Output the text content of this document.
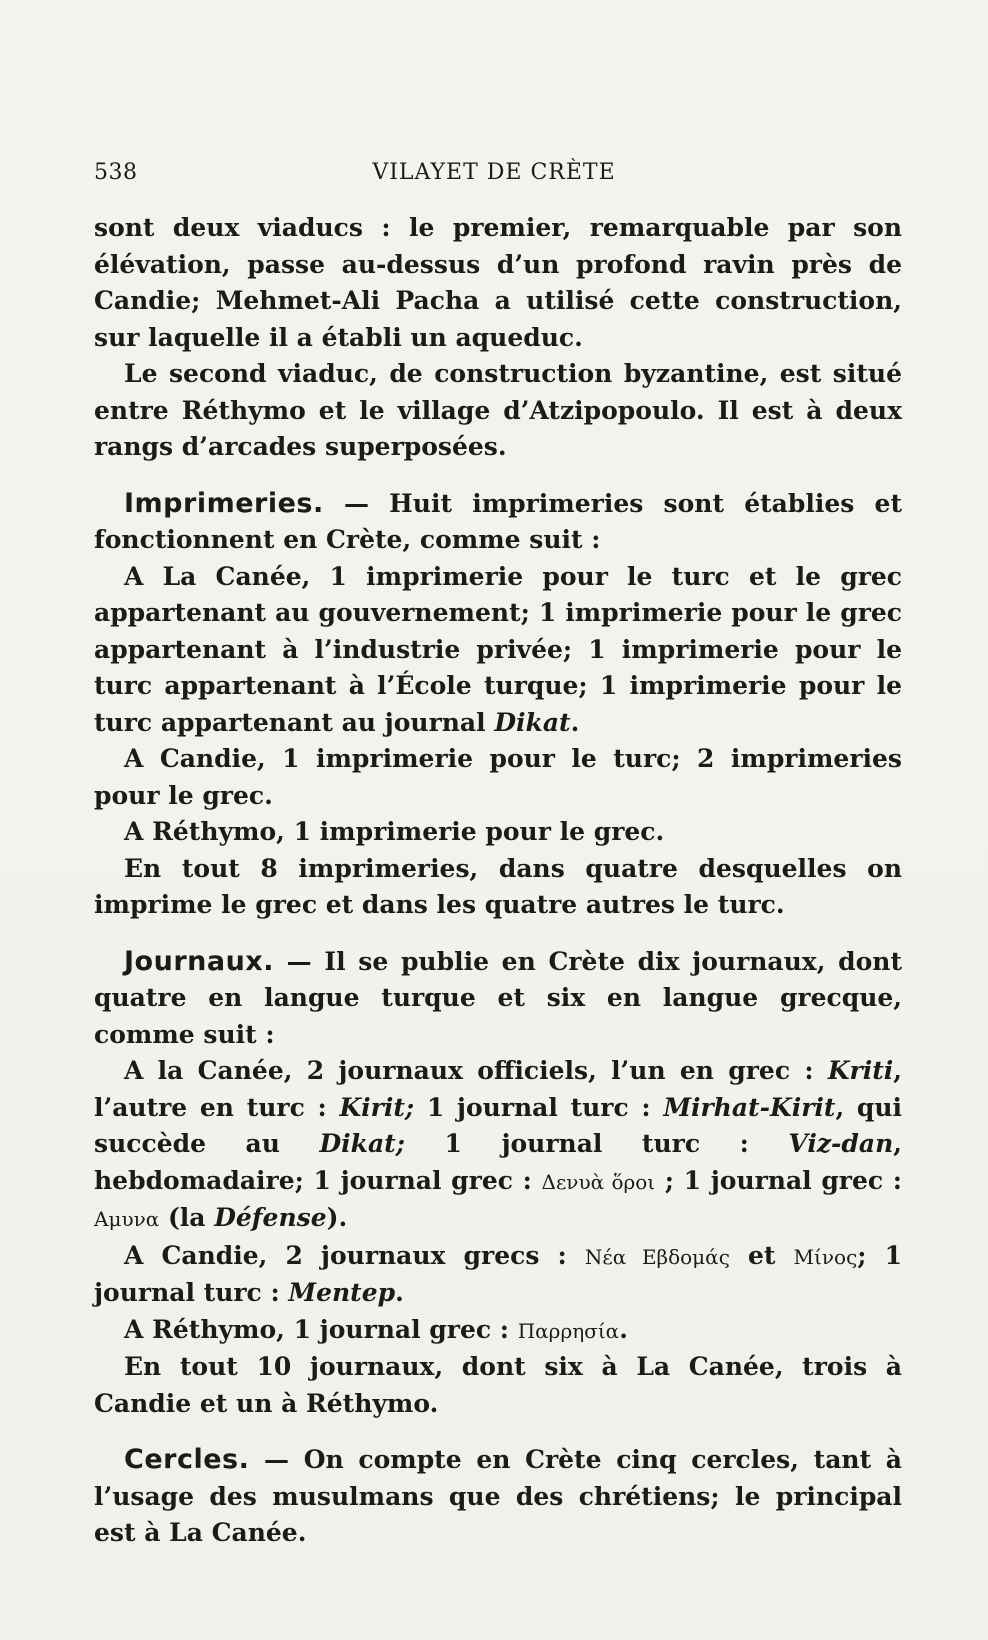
538	VILAYET DE CRÈTE

sont deux viaducs : le premier, remarquable par son élévation, passe au-dessus d’un profond ravin près de Candie; Mehmet-Ali Pacha a utilisé cette construction, sur laquelle il a établi un aqueduc.

Le second viaduc, de construction byzantine, est situé entre Réthymo et le village d’Atzipopoulo. Il est à deux rangs d’arcades superposées.

Imprimeries. — Huit imprimeries sont établies et fonctionnent en Crète, comme suit :

A La Canée, 1 imprimerie pour le turc et le grec appartenant au gouvernement; 1 imprimerie pour le grec appartenant à l’industrie privée; 1 imprimerie pour le turc appartenant à l’École turque; 1 imprimerie pour le turc appartenant au journal Dikat.

A Candie, 1 imprimerie pour le turc; 2 imprimeries pour le grec.

A Réthymo, 1 imprimerie pour le grec.

En tout 8 imprimeries, dans quatre desquelles on imprime le grec et dans les quatre autres le turc.

Journaux. — Il se publie en Crète dix journaux, dont quatre en langue turque et six en langue grecque, comme suit :

A la Canée, 2 journaux officiels, l’un en grec : Kriti, l’autre en turc : Kirit; 1 journal turc : Mirhat-Kirit, qui succède au Dikat; 1 journal turc : Viz-dan, hebdomadaire; 1 journal grec : Δενυὰ ὅροι ; 1 journal grec : Αμυνα (la Défense).

A Candie, 2 journaux grecs : Νέα Εβδομάς et Μίνος; 1 journal turc : Mentep.

A Réthymo, 1 journal grec : Παρρησία.

En tout 10 journaux, dont six à La Canée, trois à Candie et un à Réthymo.

Cercles. — On compte en Crète cinq cercles, tant à l’usage des musulmans que des chrétiens; le principal est à La Canée.
